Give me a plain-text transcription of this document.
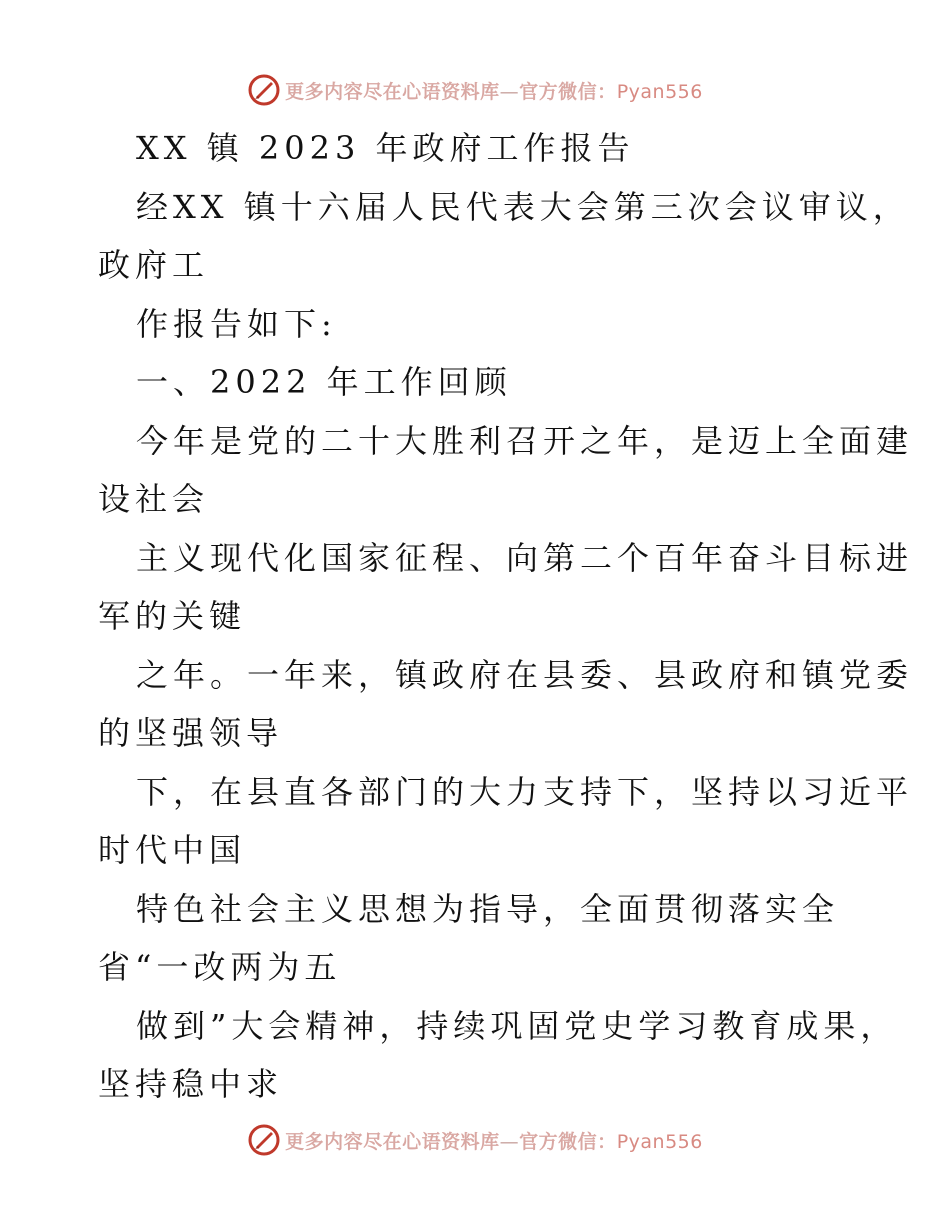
更多内容尽在心语资料库—官方微信：Pyan556
XX 镇 2023 年政府工作报告
经XX 镇十六届人民代表大会第三次会议审议，
政府工
作报告如下:
一、2022 年工作回顾
今年是党的二十大胜利召开之年，是迈上全面建
设社会
主义现代化国家征程、向第二个百年奋斗目标进
军的关键
之年。一年来，镇政府在县委、县政府和镇党委
的坚强领导
下，在县直各部门的大力支持下，坚持以习近平
时代中国
特色社会主义思想为指导，全面贯彻落实全
省“一改两为五
做到”大会精神，持续巩固党史学习教育成果，
坚持稳中求
更多内容尽在心语资料库—官方微信：Pyan556
